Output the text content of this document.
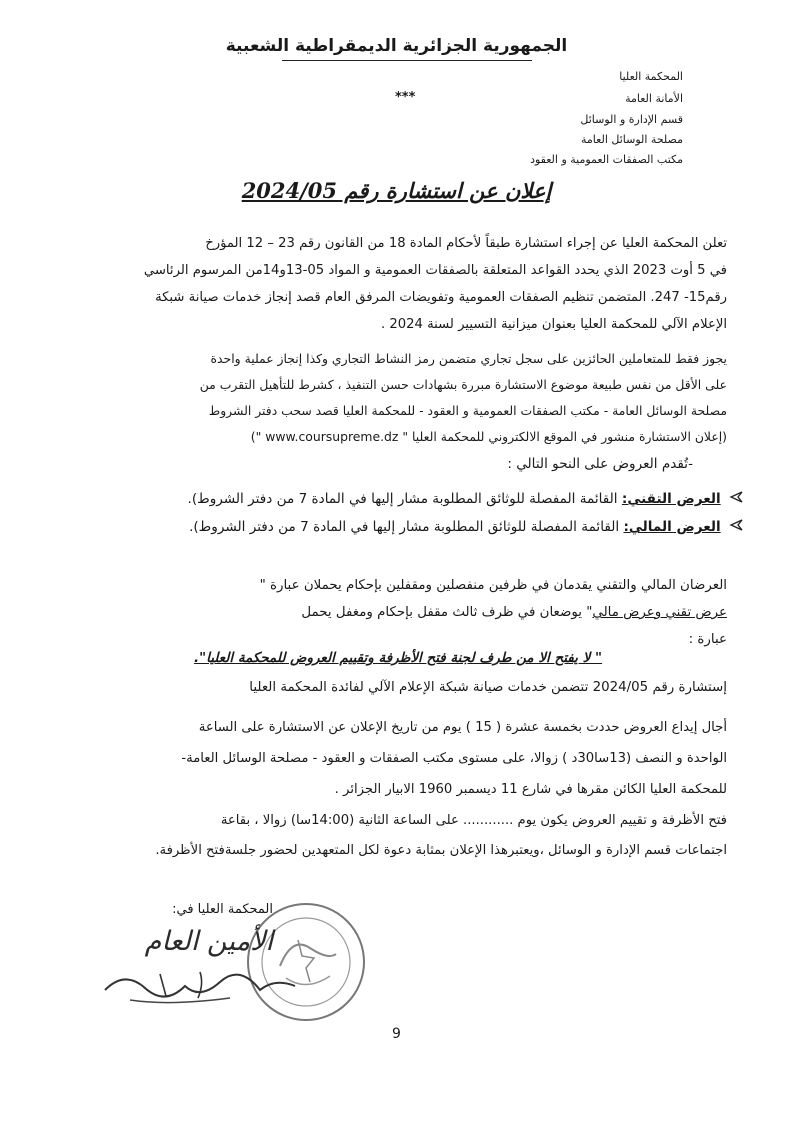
الجمهورية الجزائرية الديمقراطية الشعبية
***
المحكمة العليا
الأمانة العامة
قسم الإدارة و الوسائل
مصلحة الوسائل العامة
مكتب الصفقات العمومية و العقود
إعلان عن استشارة رقم 2024/05
تعلن المحكمة العليا عن إجراء استشارة طبقاً لأحكام المادة 18 من القانون رقم 23 – 12 المؤرخ
في 5 أوت 2023 الذي يحدد القواعد المتعلقة بالصفقات العمومية و المواد 05-13و14من المرسوم الرئاسي
رقم15- 247. المتضمن تنظيم الصفقات العمومية وتفويضات المرفق العام قصد إنجاز خدمات صيانة شبكة
الإعلام الآلي للمحكمة العليا بعنوان ميزانية التسيير لسنة 2024 .
يجوز فقط للمتعاملين الحائزين على سجل تجاري متضمن رمز النشاط التجاري وكذا إنجاز عملية واحدة
على الأقل من نفس طبيعة موضوع الاستشارة مبررة بشهادات حسن التنفيذ ، كشرط للتأهيل التقرب من
مصلحة الوسائل العامة - مكتب الصفقات العمومية و العقود - للمحكمة العليا قصد سحب دفتر الشروط
(إعلان الاستشارة منشور في الموقع الالكتروني للمحكمة العليا " www.coursupreme.dz ")
-تُقدم العروض على النحو التالي :
العرض التقني: القائمة المفصلة للوثائق المطلوبة مشار إليها في المادة 7 من دفتر الشروط).
العرض المالي: القائمة المفصلة للوثائق المطلوبة مشار إليها في المادة 7 من دفتر الشروط).
العرضان المالي والتقني يقدمان في ظرفين منفصلين ومقفلين بإحكام يحملان عبارة "
عرض تقني وعرض مالي" يوضعان في ظرف ثالث مقفل بإحكام ومغفل يحمل
عبارة :
" لا يفتح الا من طرف لجنة فتح الأظرفة وتقييم العروض للمحكمة العليا".
إستشارة رقم 2024/05 تتضمن خدمات صيانة شبكة الإعلام الآلي لفائدة المحكمة العليا
أجال إيداع العروض حددت بخمسة عشرة ( 15 ) يوم من تاريخ الإعلان عن الاستشارة على الساعة
الواحدة و النصف (13سا30د ) زوالا، على مستوى مكتب الصفقات و العقود - مصلحة الوسائل العامة-
للمحكمة العليا الكائن مقرها في شارع 11 ديسمبر 1960 الابيار الجزائر .
فتح الأظرفة و تقييم العروض يكون يوم ............ على الساعة الثانية (14:00سا) زوالا ، بقاعة
اجتماعات قسم الإدارة و الوسائل ،ويعتبرهذا الإعلان بمثابة دعوة لكل المتعهدين لحضور جلسةفتح الأظرفة.
المحكمة العليا في:
الأمين العام
9
